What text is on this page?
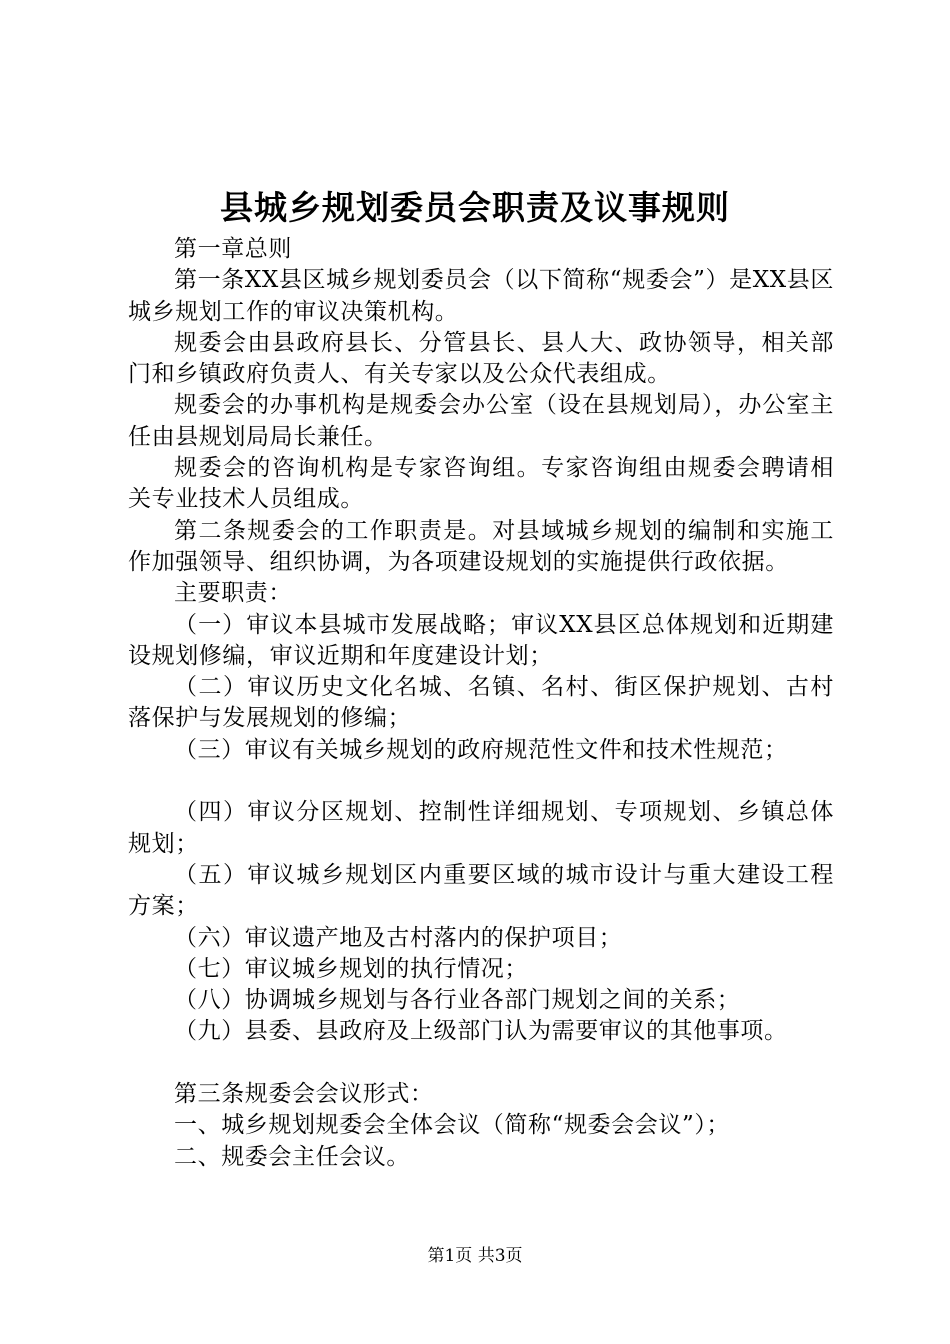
县城乡规划委员会职责及议事规则

第一章总则

第一条XX县区城乡规划委员会（以下简称“规委会”）是XX县区城乡规划工作的审议决策机构。

规委会由县政府县长、分管县长、县人大、政协领导，相关部门和乡镇政府负责人、有关专家以及公众代表组成。

规委会的办事机构是规委会办公室（设在县规划局），办公室主任由县规划局局长兼任。

规委会的咨询机构是专家咨询组。专家咨询组由规委会聘请相关专业技术人员组成。

第二条规委会的工作职责是。对县域城乡规划的编制和实施工作加强领导、组织协调，为各项建设规划的实施提供行政依据。

主要职责：

（一）审议本县城市发展战略；审议XX县区总体规划和近期建设规划修编，审议近期和年度建设计划；

（二）审议历史文化名城、名镇、名村、街区保护规划、古村落保护与发展规划的修编；

（三）审议有关城乡规划的政府规范性文件和技术性规范；

（四）审议分区规划、控制性详细规划、专项规划、乡镇总体规划；

（五）审议城乡规划区内重要区域的城市设计与重大建设工程方案；

（六）审议遗产地及古村落内的保护项目；

（七）审议城乡规划的执行情况；

（八）协调城乡规划与各行业各部门规划之间的关系；

（九）县委、县政府及上级部门认为需要审议的其他事项。

第三条规委会会议形式：

一、城乡规划规委会全体会议（简称“规委会会议”）；

二、规委会主任会议。

第1页 共3页
